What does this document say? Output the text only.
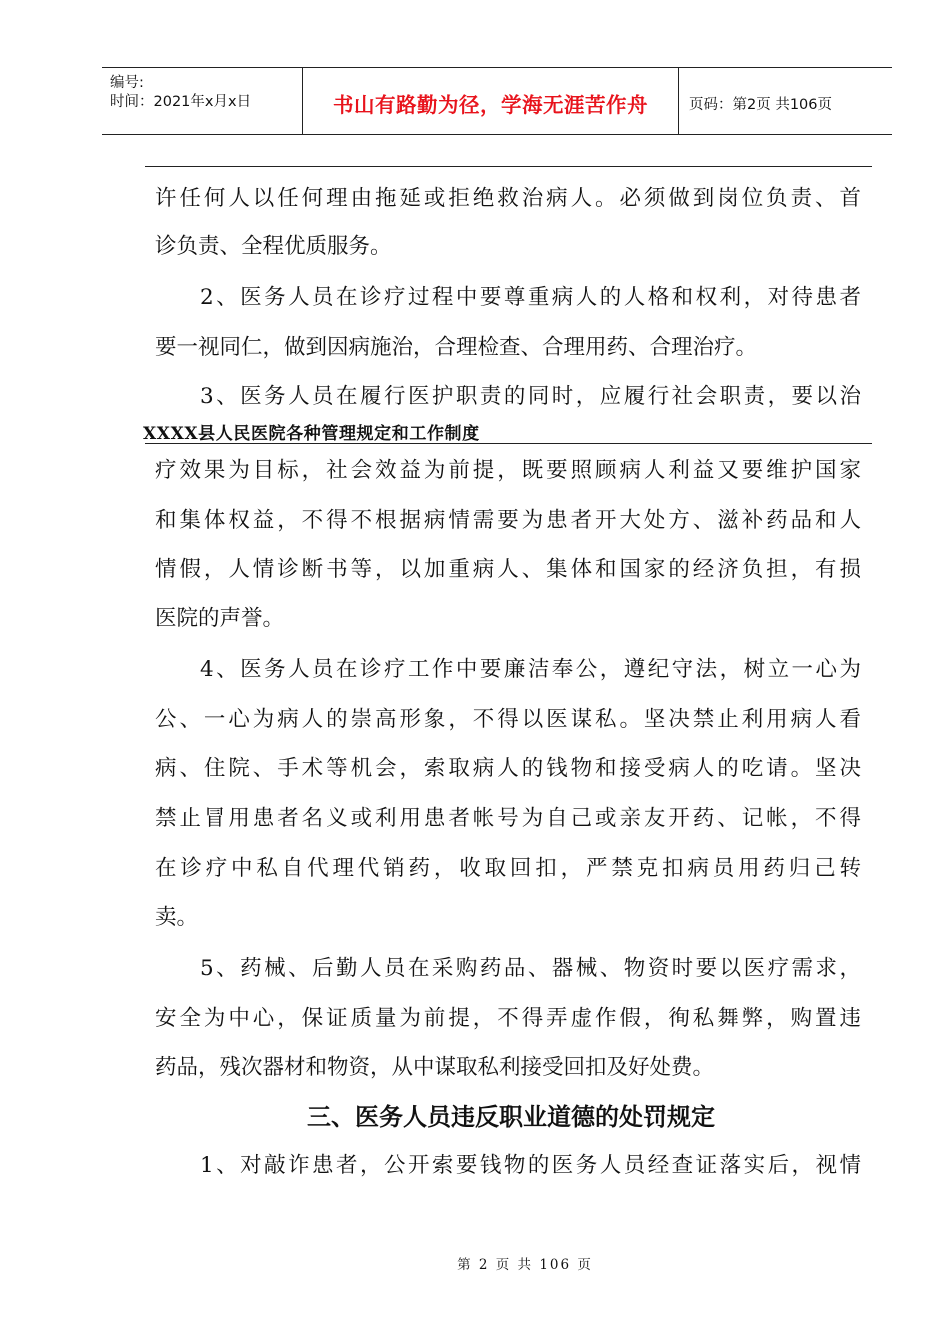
编号:
时间：2021年x月x日	书山有路勤为径，学海无涯苦作舟	页码：第2页 共106页
许任何人以任何理由拖延或拒绝救治病人。必须做到岗位负责、首
诊负责、全程优质服务。
2、医务人员在诊疗过程中要尊重病人的人格和权利，对待患者
要一视同仁，做到因病施治，合理检查、合理用药、合理治疗。
3、医务人员在履行医护职责的同时，应履行社会职责，要以治
XXXX县人民医院各种管理规定和工作制度
疗效果为目标，社会效益为前提，既要照顾病人利益又要维护国家
和集体权益，不得不根据病情需要为患者开大处方、滋补药品和人
情假，人情诊断书等，以加重病人、集体和国家的经济负担，有损
医院的声誉。
4、医务人员在诊疗工作中要廉洁奉公，遵纪守法，树立一心为
公、一心为病人的崇高形象，不得以医谋私。坚决禁止利用病人看
病、住院、手术等机会，索取病人的钱物和接受病人的吃请。坚决
禁止冒用患者名义或利用患者帐号为自己或亲友开药、记帐，不得
在诊疗中私自代理代销药，收取回扣，严禁克扣病员用药归己转
卖。
5、药械、后勤人员在采购药品、器械、物资时要以医疗需求，
安全为中心，保证质量为前提，不得弄虚作假，徇私舞弊，购置违
药品，残次器材和物资，从中谋取私利接受回扣及好处费。
三、医务人员违反职业道德的处罚规定
1、对敲诈患者，公开索要钱物的医务人员经查证落实后，视情
第 2 页 共 106 页
